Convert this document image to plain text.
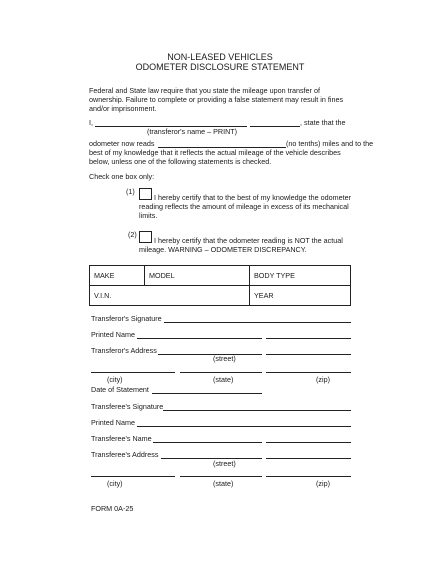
NON-LEASED VEHICLES
ODOMETER DISCLOSURE STATEMENT
Federal and State law require that you state the mileage upon transfer of
ownership. Failure to complete or providing a false statement may result in fines
and/or imprisonment.
I,	, state that the
(transferor's name – PRINT)
odometer now reads	(no tenths) miles and to the
best of my knowledge that it reflects the actual mileage of the vehicle describes
below, unless one of the following statements is checked.
Check one box only:
(1)
I hereby certify that to the best of my knowledge the odometer
reading reflects the amount of mileage in excess of its mechanical
limits.
(2)
I hereby certify that the odometer reading is NOT the actual
mileage. WARNING – ODOMETER DISCREPANCY.
MAKE	MODEL	BODY TYPE
V.I.N.		YEAR
Transferor's Signature
Printed Name
Transferor's Address
(street)
(city)	(state)	(zip)
Date of Statement
Transferee's Signature
Printed Name
Transferee's Name
Transferee's Address
(street)
(city)	(state)	(zip)
FORM 0A-25
